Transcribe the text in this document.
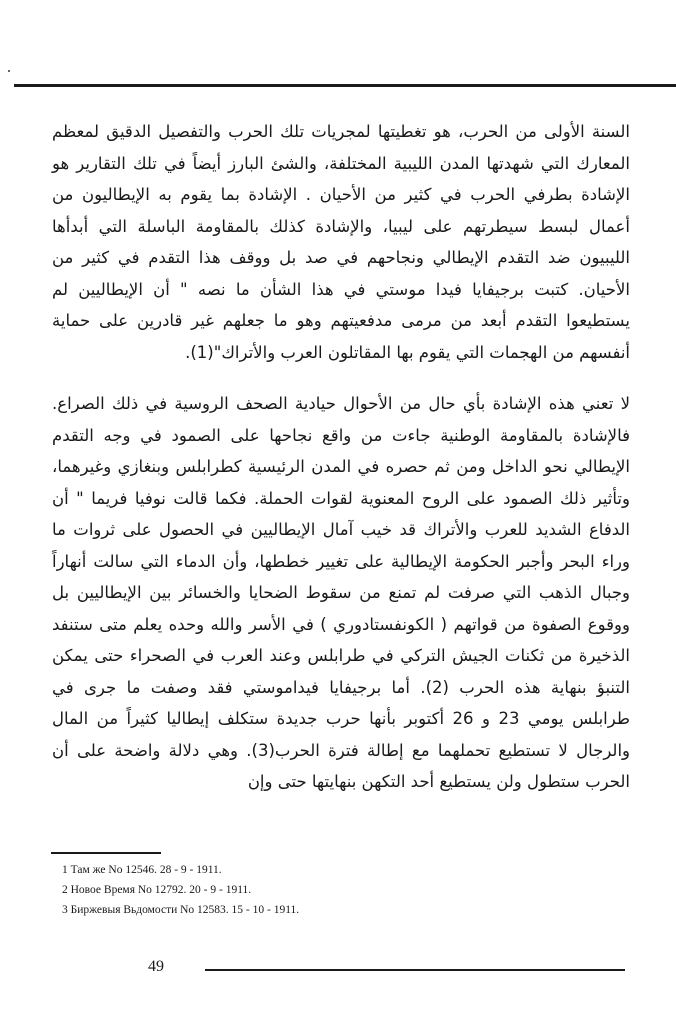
السنة الأولى من الحرب، هو تغطيتها لمجريات تلك الحرب والتفصيل الدقيق لمعظم المعارك التي شهدتها المدن الليبية المختلفة، والشئ البارز أيضاً في تلك التقارير هو الإشادة بطرفي الحرب في كثير من الأحيان . الإشادة بما يقوم به الإيطاليون من أعمال لبسط سيطرتهم على ليبيا، والإشادة كذلك بالمقاومة الباسلة التي أبدأها الليبيون ضد التقدم الإيطالي ونجاحهم في صد بل ووقف هذا التقدم في كثير من الأحيان. كتبت برجيفايا فيدا موستي في هذا الشأن ما نصه " أن الإيطاليين لم يستطيعوا التقدم أبعد من مرمى مدفعيتهم وهو ما جعلهم غير قادرين على حماية أنفسهم من الهجمات التي يقوم بها المقاتلون العرب والأتراك"(1).

لا تعني هذه الإشادة بأي حال من الأحوال حيادية الصحف الروسية في ذلك الصراع. فالإشادة بالمقاومة الوطنية جاءت من واقع نجاحها على الصمود في وجه التقدم الإيطالي نحو الداخل ومن ثم حصره في المدن الرئيسية كطرابلس وبنغازي وغيرهما، وتأثير ذلك الصمود على الروح المعنوية لقوات الحملة. فكما قالت نوفيا فريما " أن الدفاع الشديد للعرب والأتراك قد خيب آمال الإيطاليين في الحصول على ثروات ما وراء البحر وأجبر الحكومة الإيطالية على تغيير خططها، وأن الدماء التي سالت أنهاراً وجبال الذهب التي صرفت لم تمنع من سقوط الضحايا والخسائر بين الإيطاليين بل ووقوع الصفوة من قواتهم ( الكونفستادوري ) في الأسر والله وحده يعلم متى ستنفد الذخيرة من ثكنات الجيش التركي في طرابلس وعند العرب في الصحراء حتى يمكن التنبؤ بنهاية هذه الحرب (2). أما برجيفايا فيداموستي فقد وصفت ما جرى في طرابلس يومي 23 و 26 أكتوبر بأنها حرب جديدة ستكلف إيطاليا كثيراً من المال والرجال لا تستطيع تحملهما مع إطالة فترة الحرب(3). وهي دلالة واضحة على أن الحرب ستطول ولن يستطيع أحد التكهن بنهايتها حتى وإن

1 Там же No 12546. 28 - 9 - 1911.
2 Новое Время No 12792. 20 - 9 - 1911.
3 Биржевыя Вьдомости No 12583. 15 - 10 - 1911.
49
